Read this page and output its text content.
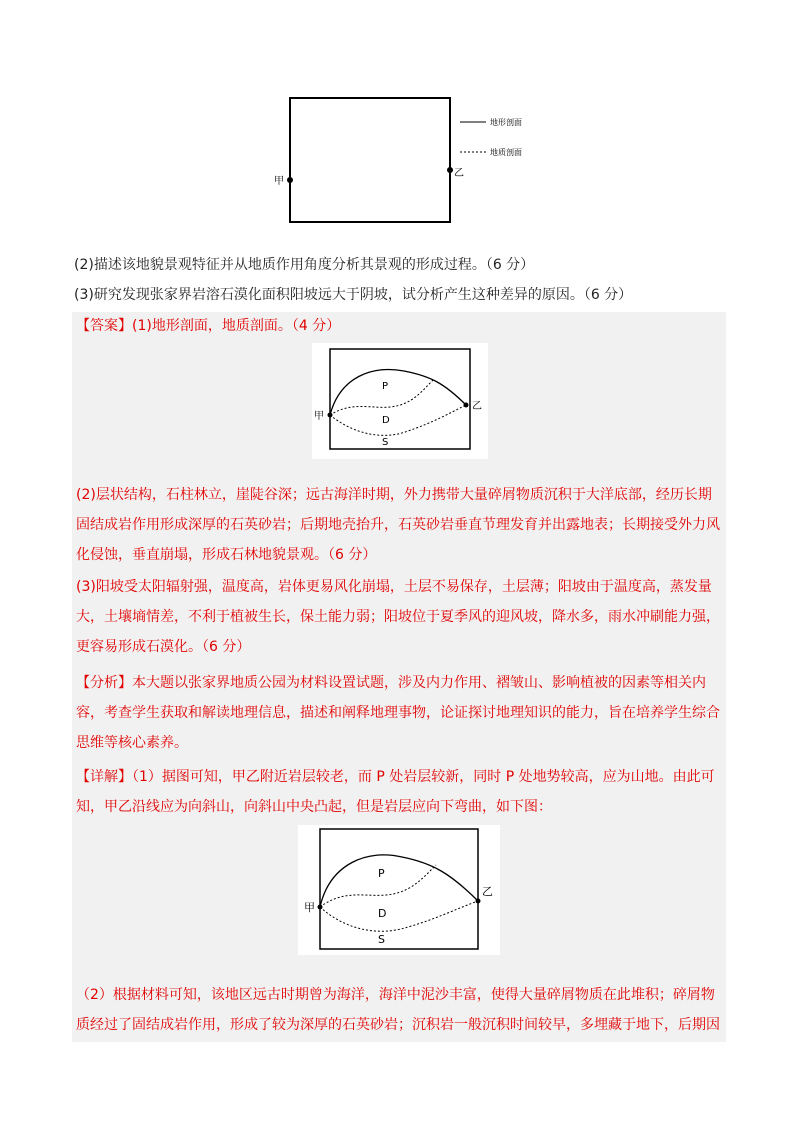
甲
乙
地形剖面
地质剖面
(2)描述该地貌景观特征并从地质作用角度分析其景观的形成过程。（6 分）
(3)研究发现张家界岩溶石漠化面积阳坡远大于阴坡，试分析产生这种差异的原因。（6 分）
【答案】(1)地形剖面，地质剖面。（4 分）
甲
乙
P
D
S

(2)层状结构，石柱林立，崖陡谷深；远古海洋时期，外力携带大量碎屑物质沉积于大洋底部，经历长期固结成岩作用形成深厚的石英砂岩；后期地壳抬升，石英砂岩垂直节理发育并出露地表；长期接受外力风化侵蚀，垂直崩塌，形成石林地貌景观。（6 分）

(3)阳坡受太阳辐射强，温度高，岩体更易风化崩塌，土层不易保存，土层薄；阳坡由于温度高，蒸发量大，土壤墒情差，不利于植被生长，保土能力弱；阳坡位于夏季风的迎风坡，降水多，雨水冲刷能力强，更容易形成石漠化。（6 分）

【分析】本大题以张家界地质公园为材料设置试题，涉及内力作用、褶皱山、影响植被的因素等相关内容，考查学生获取和解读地理信息，描述和阐释地理事物，论证探讨地理知识的能力，旨在培养学生综合思维等核心素养。

【详解】（1）据图可知，甲乙附近岩层较老，而 P 处岩层较新，同时 P 处地势较高，应为山地。由此可知，甲乙沿线应为向斜山，向斜山中央凸起，但是岩层应向下弯曲，如下图：

甲
乙
P
D
S

（2）根据材料可知，该地区远古时期曾为海洋，海洋中泥沙丰富，使得大量碎屑物质在此堆积；碎屑物质经过了固结成岩作用，形成了较为深厚的石英砂岩；沉积岩一般沉积时间较早，多埋藏于地下，后期因
